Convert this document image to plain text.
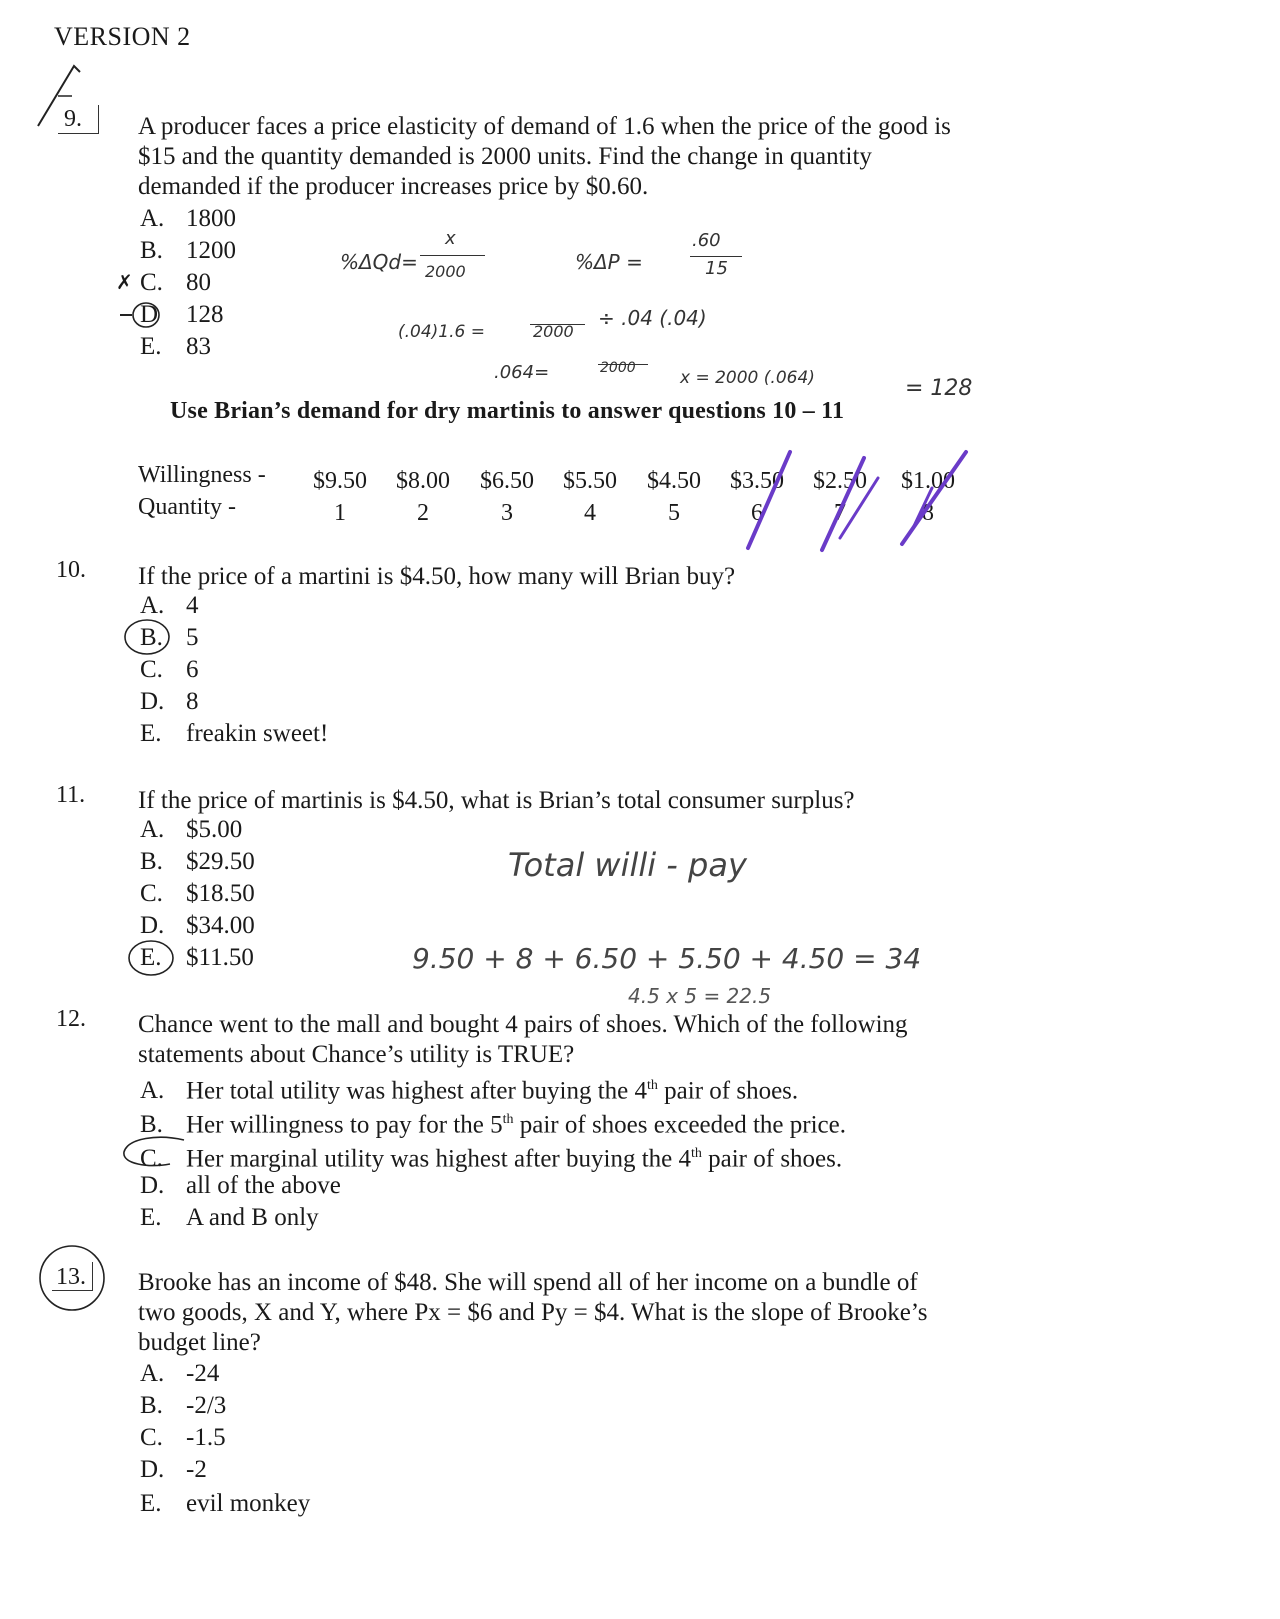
VERSION 2
9. A producer faces a price elasticity of demand of 1.6 when the price of the good is
$15 and the quantity demanded is 2000 units. Find the change in quantity
demanded if the producer increases price by $0.60.
A. 1800
B. 1200
C. 80
✗
D 128
E. 83
%ΔQd=
x
2000	%ΔP =
.60
15
(.04)1.6 =	2000
÷ .04 (.04)
.064=	2000	x = 2000 (.064)	= 128
Use Brian’s demand for dry martinis to answer questions 10 – 11
Willingness -
Quantity -
$9.50	$8.00	$6.50	$5.50	$4.50	$3.50	$2.50	$1.00
1	2	3	4	5	6	7	8
10. If the price of a martini is $4.50, how many will Brian buy?
A. 4
B. 5
C. 6
D. 8
E. freakin sweet!
11. If the price of martinis is $4.50, what is Brian’s total consumer surplus?
A. $5.00
B. $29.50
C. $18.50
D. $34.00
E. $11.50
Total willi - pay
9.50 + 8 + 6.50 + 5.50 + 4.50 = 34
4.5 x 5 = 22.5
12. Chance went to the mall and bought 4 pairs of shoes. Which of the following
statements about Chance’s utility is TRUE?
A. Her total utility was highest after buying the 4th pair of shoes.
B. Her willingness to pay for the 5th pair of shoes exceeded the price.
C. Her marginal utility was highest after buying the 4th pair of shoes.
D. all of the above
E. A and B only
13. Brooke has an income of $48. She will spend all of her income on a bundle of
two goods, X and Y, where Px = $6 and Py = $4. What is the slope of Brooke’s
budget line?
A. -24
B. -2/3
C. -1.5
D. -2
E. evil monkey
